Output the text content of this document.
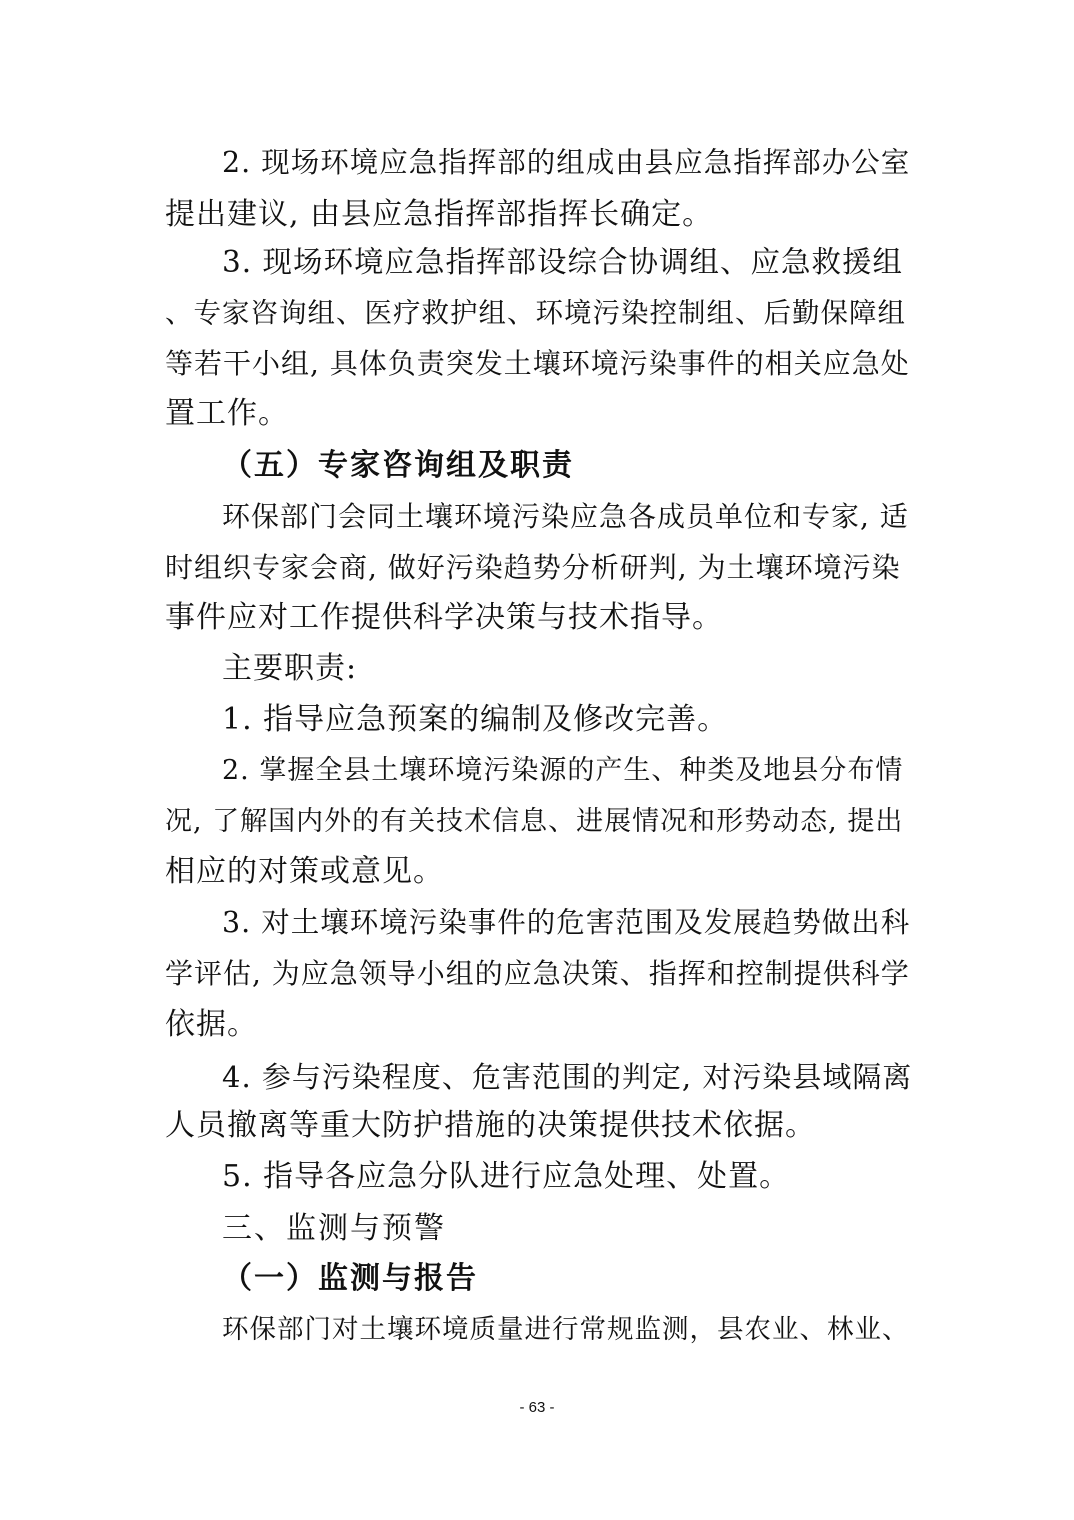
2. 现场环境应急指挥部的组成由县应急指挥部办公室
提出建议, 由县应急指挥部指挥长确定。
3. 现场环境应急指挥部设综合协调组、应急救援组
、专家咨询组、医疗救护组、环境污染控制组、后勤保障组
等若干小组, 具体负责突发土壤环境污染事件的相关应急处
置工作。
（五）专家咨询组及职责
环保部门会同土壤环境污染应急各成员单位和专家, 适
时组织专家会商, 做好污染趋势分析研判, 为土壤环境污染
事件应对工作提供科学决策与技术指导。
主要职责:
1. 指导应急预案的编制及修改完善。
2. 掌握全县土壤环境污染源的产生、种类及地县分布情
况, 了解国内外的有关技术信息、进展情况和形势动态, 提出
相应的对策或意见。
3. 对土壤环境污染事件的危害范围及发展趋势做出科
学评估, 为应急领导小组的应急决策、指挥和控制提供科学
依据。
4. 参与污染程度、危害范围的判定, 对污染县域隔离
人员撤离等重大防护措施的决策提供技术依据。
5. 指导各应急分队进行应急处理、处置。
三、监测与预警
（一）监测与报告
环保部门对土壤环境质量进行常规监测，县农业、林业、
- 63 -
